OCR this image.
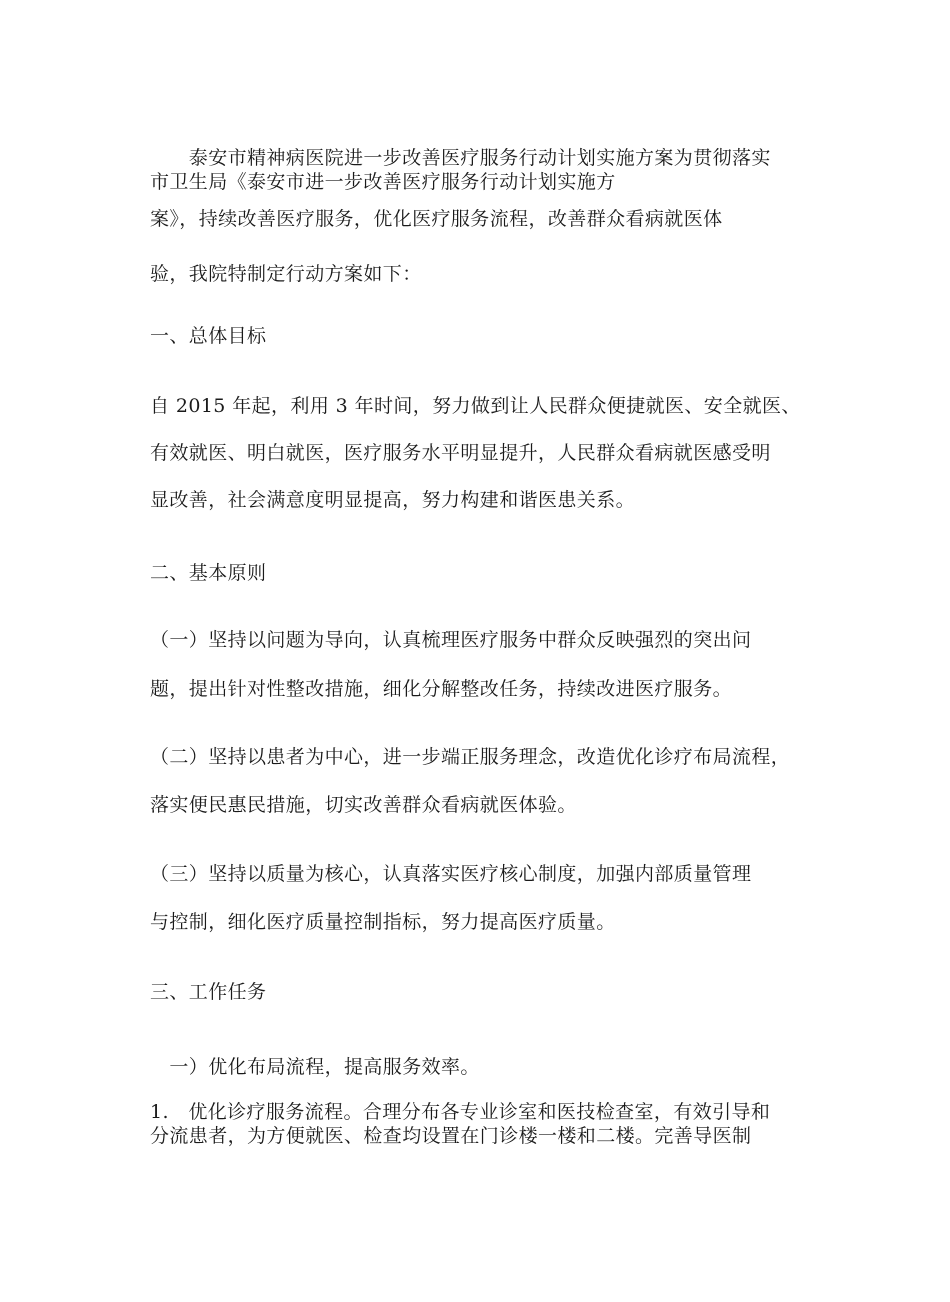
　　泰安市精神病医院进一步改善医疗服务行动计划实施方案为贯彻落实
市卫生局《泰安市进一步改善医疗服务行动计划实施方
案》，持续改善医疗服务，优化医疗服务流程，改善群众看病就医体
验，我院特制定行动方案如下：
一、总体目标
自 2015 年起，利用 3 年时间，努力做到让人民群众便捷就医、安全就医、
有效就医、明白就医，医疗服务水平明显提升，人民群众看病就医感受明
显改善，社会满意度明显提高，努力构建和谐医患关系。
二、基本原则
（一）坚持以问题为导向，认真梳理医疗服务中群众反映强烈的突出问
题，提出针对性整改措施，细化分解整改任务，持续改进医疗服务。
（二）坚持以患者为中心，进一步端正服务理念，改造优化诊疗布局流程，
落实便民惠民措施，切实改善群众看病就医体验。
（三）坚持以质量为核心，认真落实医疗核心制度，加强内部质量管理
与控制，细化医疗质量控制指标，努力提高医疗质量。
三、工作任务
　一）优化布局流程，提高服务效率。
1.　优化诊疗服务流程。合理分布各专业诊室和医技检查室，有效引导和
分流患者，为方便就医、检查均设置在门诊楼一楼和二楼。完善导医制
